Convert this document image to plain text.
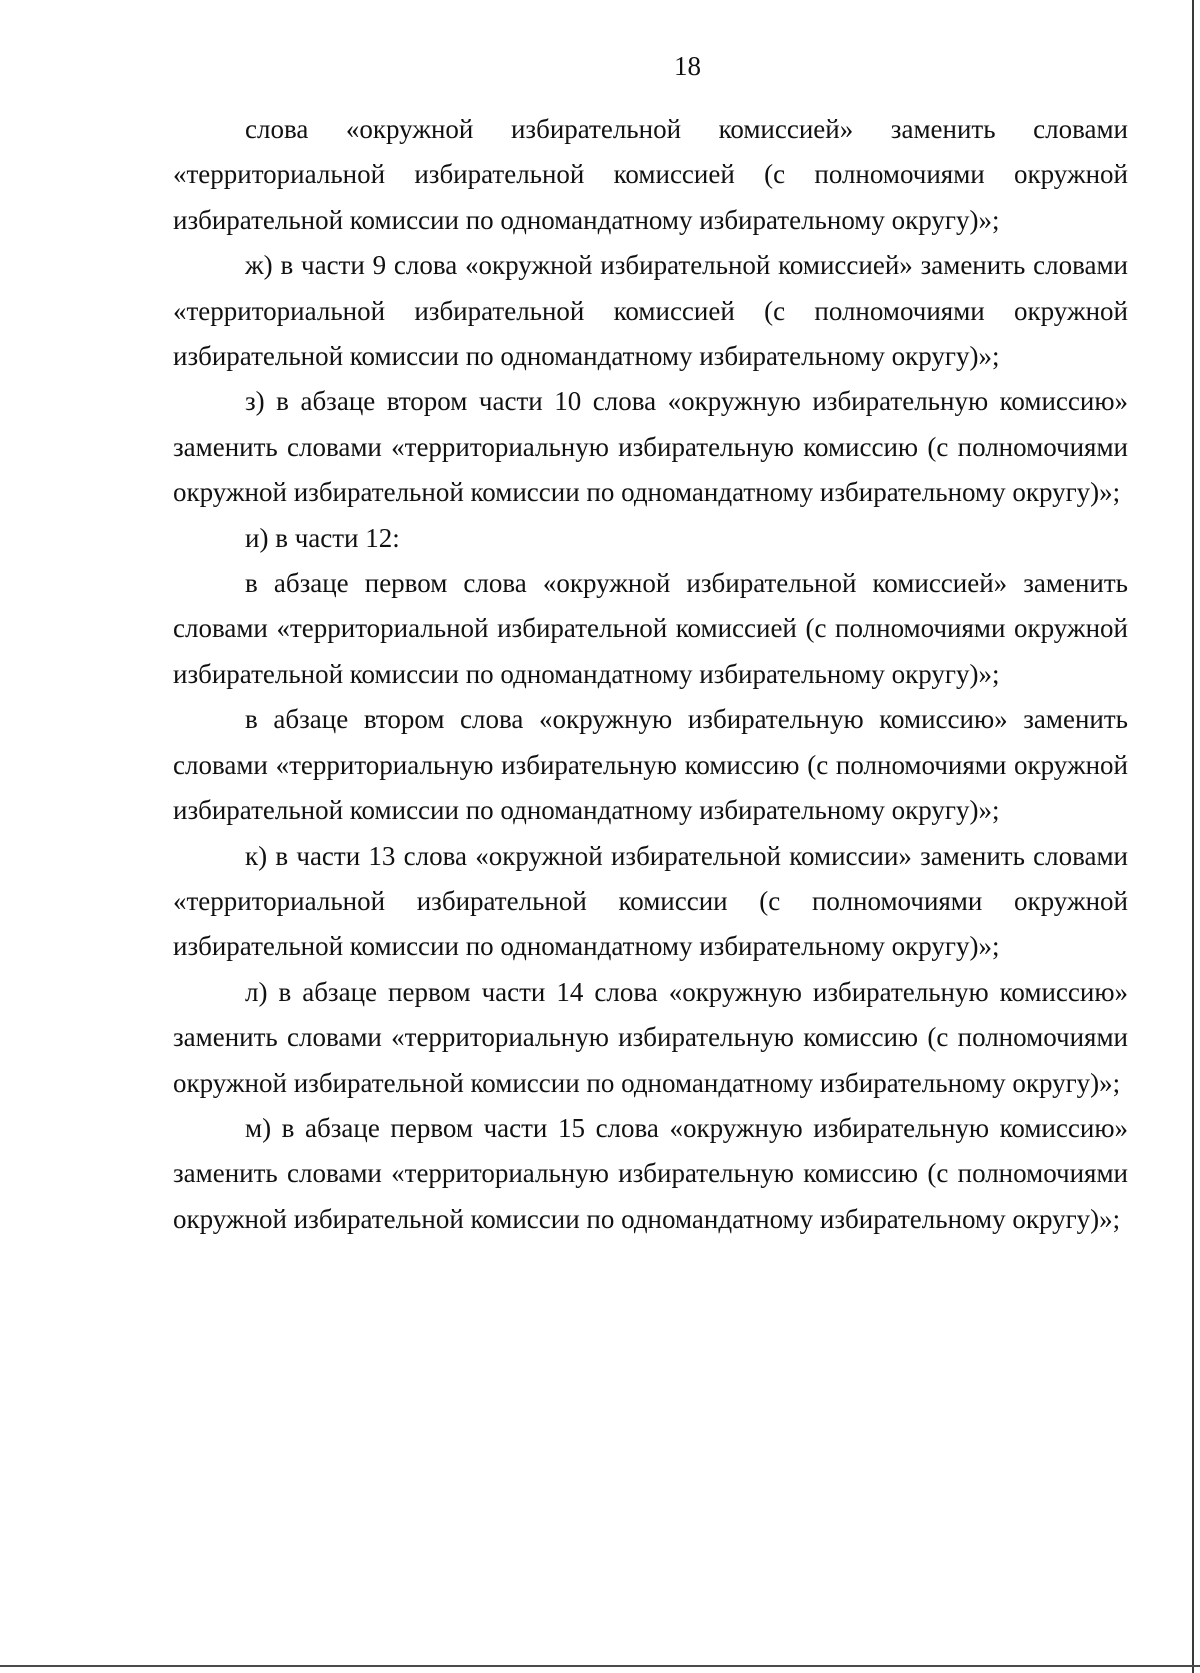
18

слова «окружной избирательной комиссией» заменить словами «территориальной избирательной комиссией (с полномочиями окружной избирательной комиссии по одномандатному избирательному округу)»;

ж) в части 9 слова «окружной избирательной комиссией» заменить словами «территориальной избирательной комиссией (с полномочиями окружной избирательной комиссии по одномандатному избирательному округу)»;

з) в абзаце втором части 10 слова «окружную избирательную комиссию» заменить словами «территориальную избирательную комиссию (с полномочиями окружной избирательной комиссии по одномандатному избирательному округу)»;

и) в части 12:

в абзаце первом слова «окружной избирательной комиссией» заменить словами «территориальной избирательной комиссией (с полномочиями окружной избирательной комиссии по одномандатному избирательному округу)»;

в абзаце втором слова «окружную избирательную комиссию» заменить словами «территориальную избирательную комиссию (с полномочиями окружной избирательной комиссии по одномандатному избирательному округу)»;

к) в части 13 слова «окружной избирательной комиссии» заменить словами «территориальной избирательной комиссии (с полномочиями окружной избирательной комиссии по одномандатному избирательному округу)»;

л) в абзаце первом части 14 слова «окружную избирательную комиссию» заменить словами «территориальную избирательную комиссию (с полномочиями окружной избирательной комиссии по одномандатному избирательному округу)»;

м) в абзаце первом части 15 слова «окружную избирательную комиссию» заменить словами «территориальную избирательную комиссию (с полномочиями окружной избирательной комиссии по одномандатному избирательному округу)»;
